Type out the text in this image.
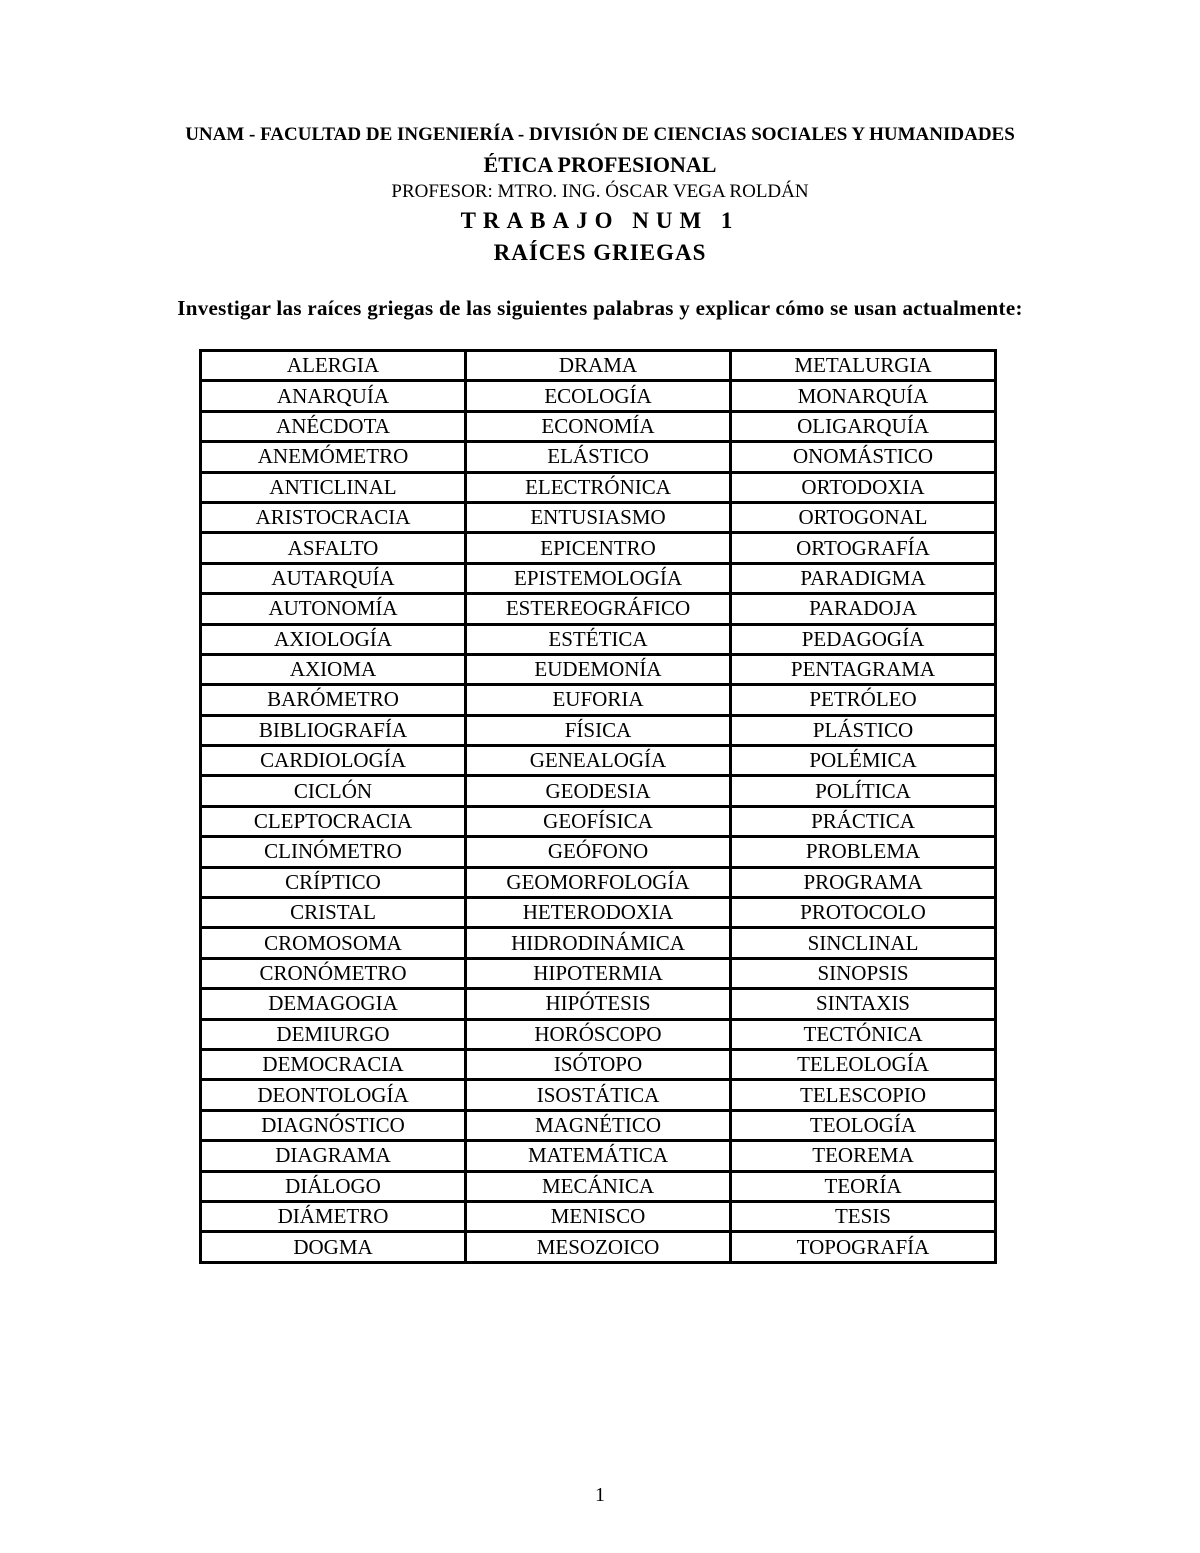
UNAM - FACULTAD DE INGENIERÍA - DIVISIÓN DE CIENCIAS SOCIALES Y HUMANIDADES
ÉTICA PROFESIONAL
PROFESOR: MTRO. ING. ÓSCAR VEGA ROLDÁN
TRABAJO NUM 1
RAÍCES GRIEGAS
Investigar las raíces griegas de las siguientes palabras y explicar cómo se usan actualmente:
ALERGIA	DRAMA	METALURGIA
ANARQUÍA	ECOLOGÍA	MONARQUÍA
ANÉCDOTA	ECONOMÍA	OLIGARQUÍA
ANEMÓMETRO	ELÁSTICO	ONOMÁSTICO
ANTICLINAL	ELECTRÓNICA	ORTODOXIA
ARISTOCRACIA	ENTUSIASMO	ORTOGONAL
ASFALTO	EPICENTRO	ORTOGRAFÍA
AUTARQUÍA	EPISTEMOLOGÍA	PARADIGMA
AUTONOMÍA	ESTEREOGRÁFICO	PARADOJA
AXIOLOGÍA	ESTÉTICA	PEDAGOGÍA
AXIOMA	EUDEMONÍA	PENTAGRAMA
BARÓMETRO	EUFORIA	PETRÓLEO
BIBLIOGRAFÍA	FÍSICA	PLÁSTICO
CARDIOLOGÍA	GENEALOGÍA	POLÉMICA
CICLÓN	GEODESIA	POLÍTICA
CLEPTOCRACIA	GEOFÍSICA	PRÁCTICA
CLINÓMETRO	GEÓFONO	PROBLEMA
CRÍPTICO	GEOMORFOLOGÍA	PROGRAMA
CRISTAL	HETERODOXIA	PROTOCOLO
CROMOSOMA	HIDRODINÁMICA	SINCLINAL
CRONÓMETRO	HIPOTERMIA	SINOPSIS
DEMAGOGIA	HIPÓTESIS	SINTAXIS
DEMIURGO	HORÓSCOPO	TECTÓNICA
DEMOCRACIA	ISÓTOPO	TELEOLOGÍA
DEONTOLOGÍA	ISOSTÁTICA	TELESCOPIO
DIAGNÓSTICO	MAGNÉTICO	TEOLOGÍA
DIAGRAMA	MATEMÁTICA	TEOREMA
DIÁLOGO	MECÁNICA	TEORÍA
DIÁMETRO	MENISCO	TESIS
DOGMA	MESOZOICO	TOPOGRAFÍA
1
